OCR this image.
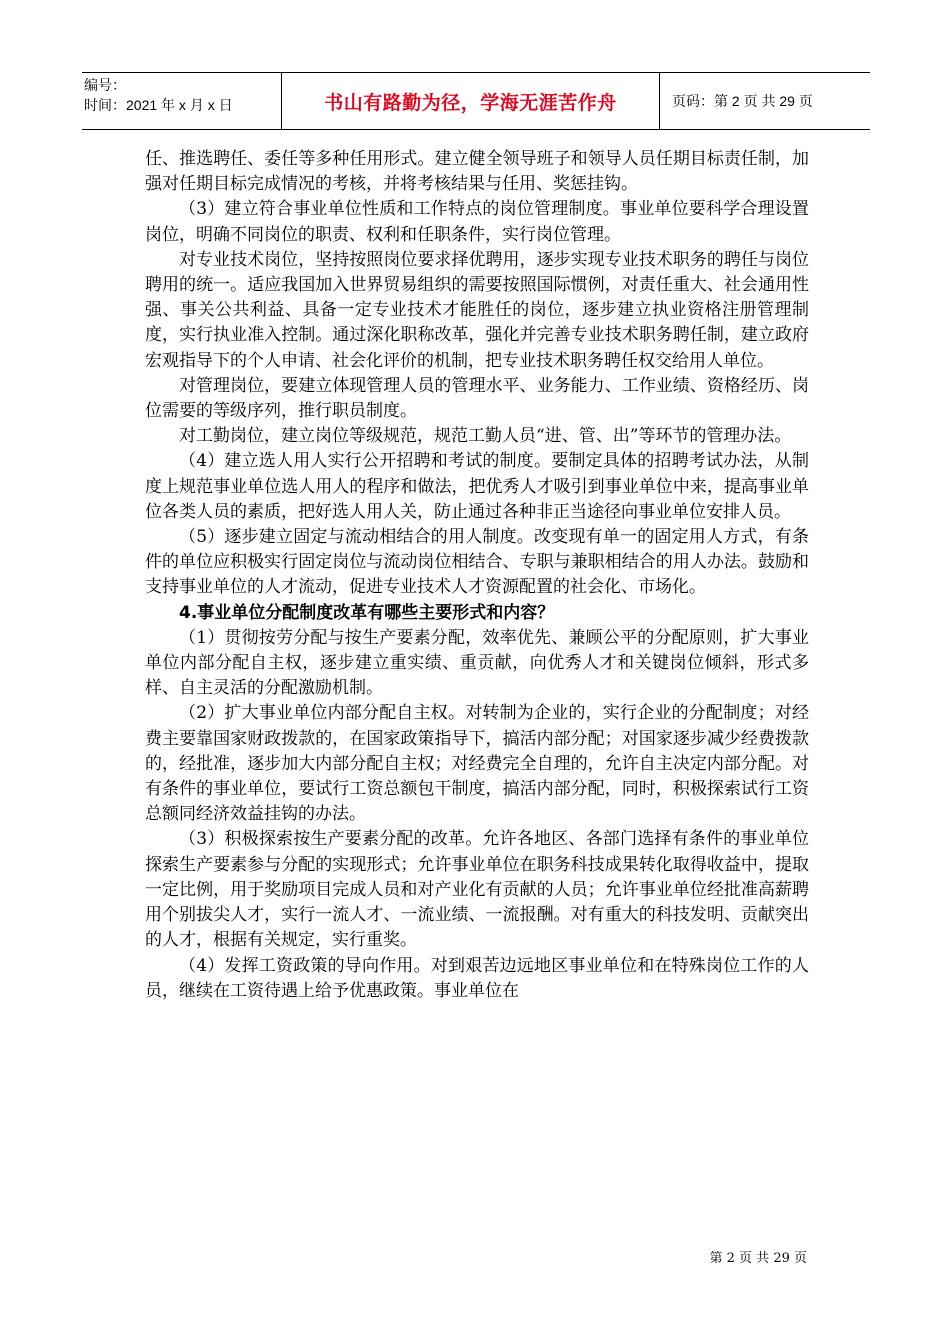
编号：
时间：2021 年 x 月 x 日	书山有路勤为径，学海无涯苦作舟	页码：第 2 页 共 29 页

任、推选聘任、委任等多种任用形式。建立健全领导班子和领导人员任期目标责任制，加强对任期目标完成情况的考核，并将考核结果与任用、奖惩挂钩。

（3）建立符合事业单位性质和工作特点的岗位管理制度。事业单位要科学合理设置岗位，明确不同岗位的职责、权利和任职条件，实行岗位管理。

对专业技术岗位，坚持按照岗位要求择优聘用，逐步实现专业技术职务的聘任与岗位聘用的统一。适应我国加入世界贸易组织的需要按照国际惯例，对责任重大、社会通用性强、事关公共利益、具备一定专业技术才能胜任的岗位，逐步建立执业资格注册管理制度，实行执业准入控制。通过深化职称改革，强化并完善专业技术职务聘任制，建立政府宏观指导下的个人申请、社会化评价的机制，把专业技术职务聘任权交给用人单位。

对管理岗位，要建立体现管理人员的管理水平、业务能力、工作业绩、资格经历、岗位需要的等级序列，推行职员制度。

对工勤岗位，建立岗位等级规范，规范工勤人员“进、管、出”等环节的管理办法。

（4）建立选人用人实行公开招聘和考试的制度。要制定具体的招聘考试办法，从制度上规范事业单位选人用人的程序和做法，把优秀人才吸引到事业单位中来，提高事业单位各类人员的素质，把好选人用人关，防止通过各种非正当途径向事业单位安排人员。

（5）逐步建立固定与流动相结合的用人制度。改变现有单一的固定用人方式，有条件的单位应积极实行固定岗位与流动岗位相结合、专职与兼职相结合的用人办法。鼓励和支持事业单位的人才流动，促进专业技术人才资源配置的社会化、市场化。

4.事业单位分配制度改革有哪些主要形式和内容？

（1）贯彻按劳分配与按生产要素分配，效率优先、兼顾公平的分配原则，扩大事业单位内部分配自主权，逐步建立重实绩、重贡献，向优秀人才和关键岗位倾斜，形式多样、自主灵活的分配激励机制。

（2）扩大事业单位内部分配自主权。对转制为企业的，实行企业的分配制度；对经费主要靠国家财政拨款的，在国家政策指导下，搞活内部分配；对国家逐步减少经费拨款的，经批准，逐步加大内部分配自主权；对经费完全自理的，允许自主决定内部分配。对有条件的事业单位，要试行工资总额包干制度，搞活内部分配，同时，积极探索试行工资总额同经济效益挂钩的办法。

（3）积极探索按生产要素分配的改革。允许各地区、各部门选择有条件的事业单位探索生产要素参与分配的实现形式；允许事业单位在职务科技成果转化取得收益中，提取一定比例，用于奖励项目完成人员和对产业化有贡献的人员；允许事业单位经批准高薪聘用个别拔尖人才，实行一流人才、一流业绩、一流报酬。对有重大的科技发明、贡献突出的人才，根据有关规定，实行重奖。

（4）发挥工资政策的导向作用。对到艰苦边远地区事业单位和在特殊岗位工作的人员，继续在工资待遇上给予优惠政策。事业单位在

第 2 页 共 29 页
